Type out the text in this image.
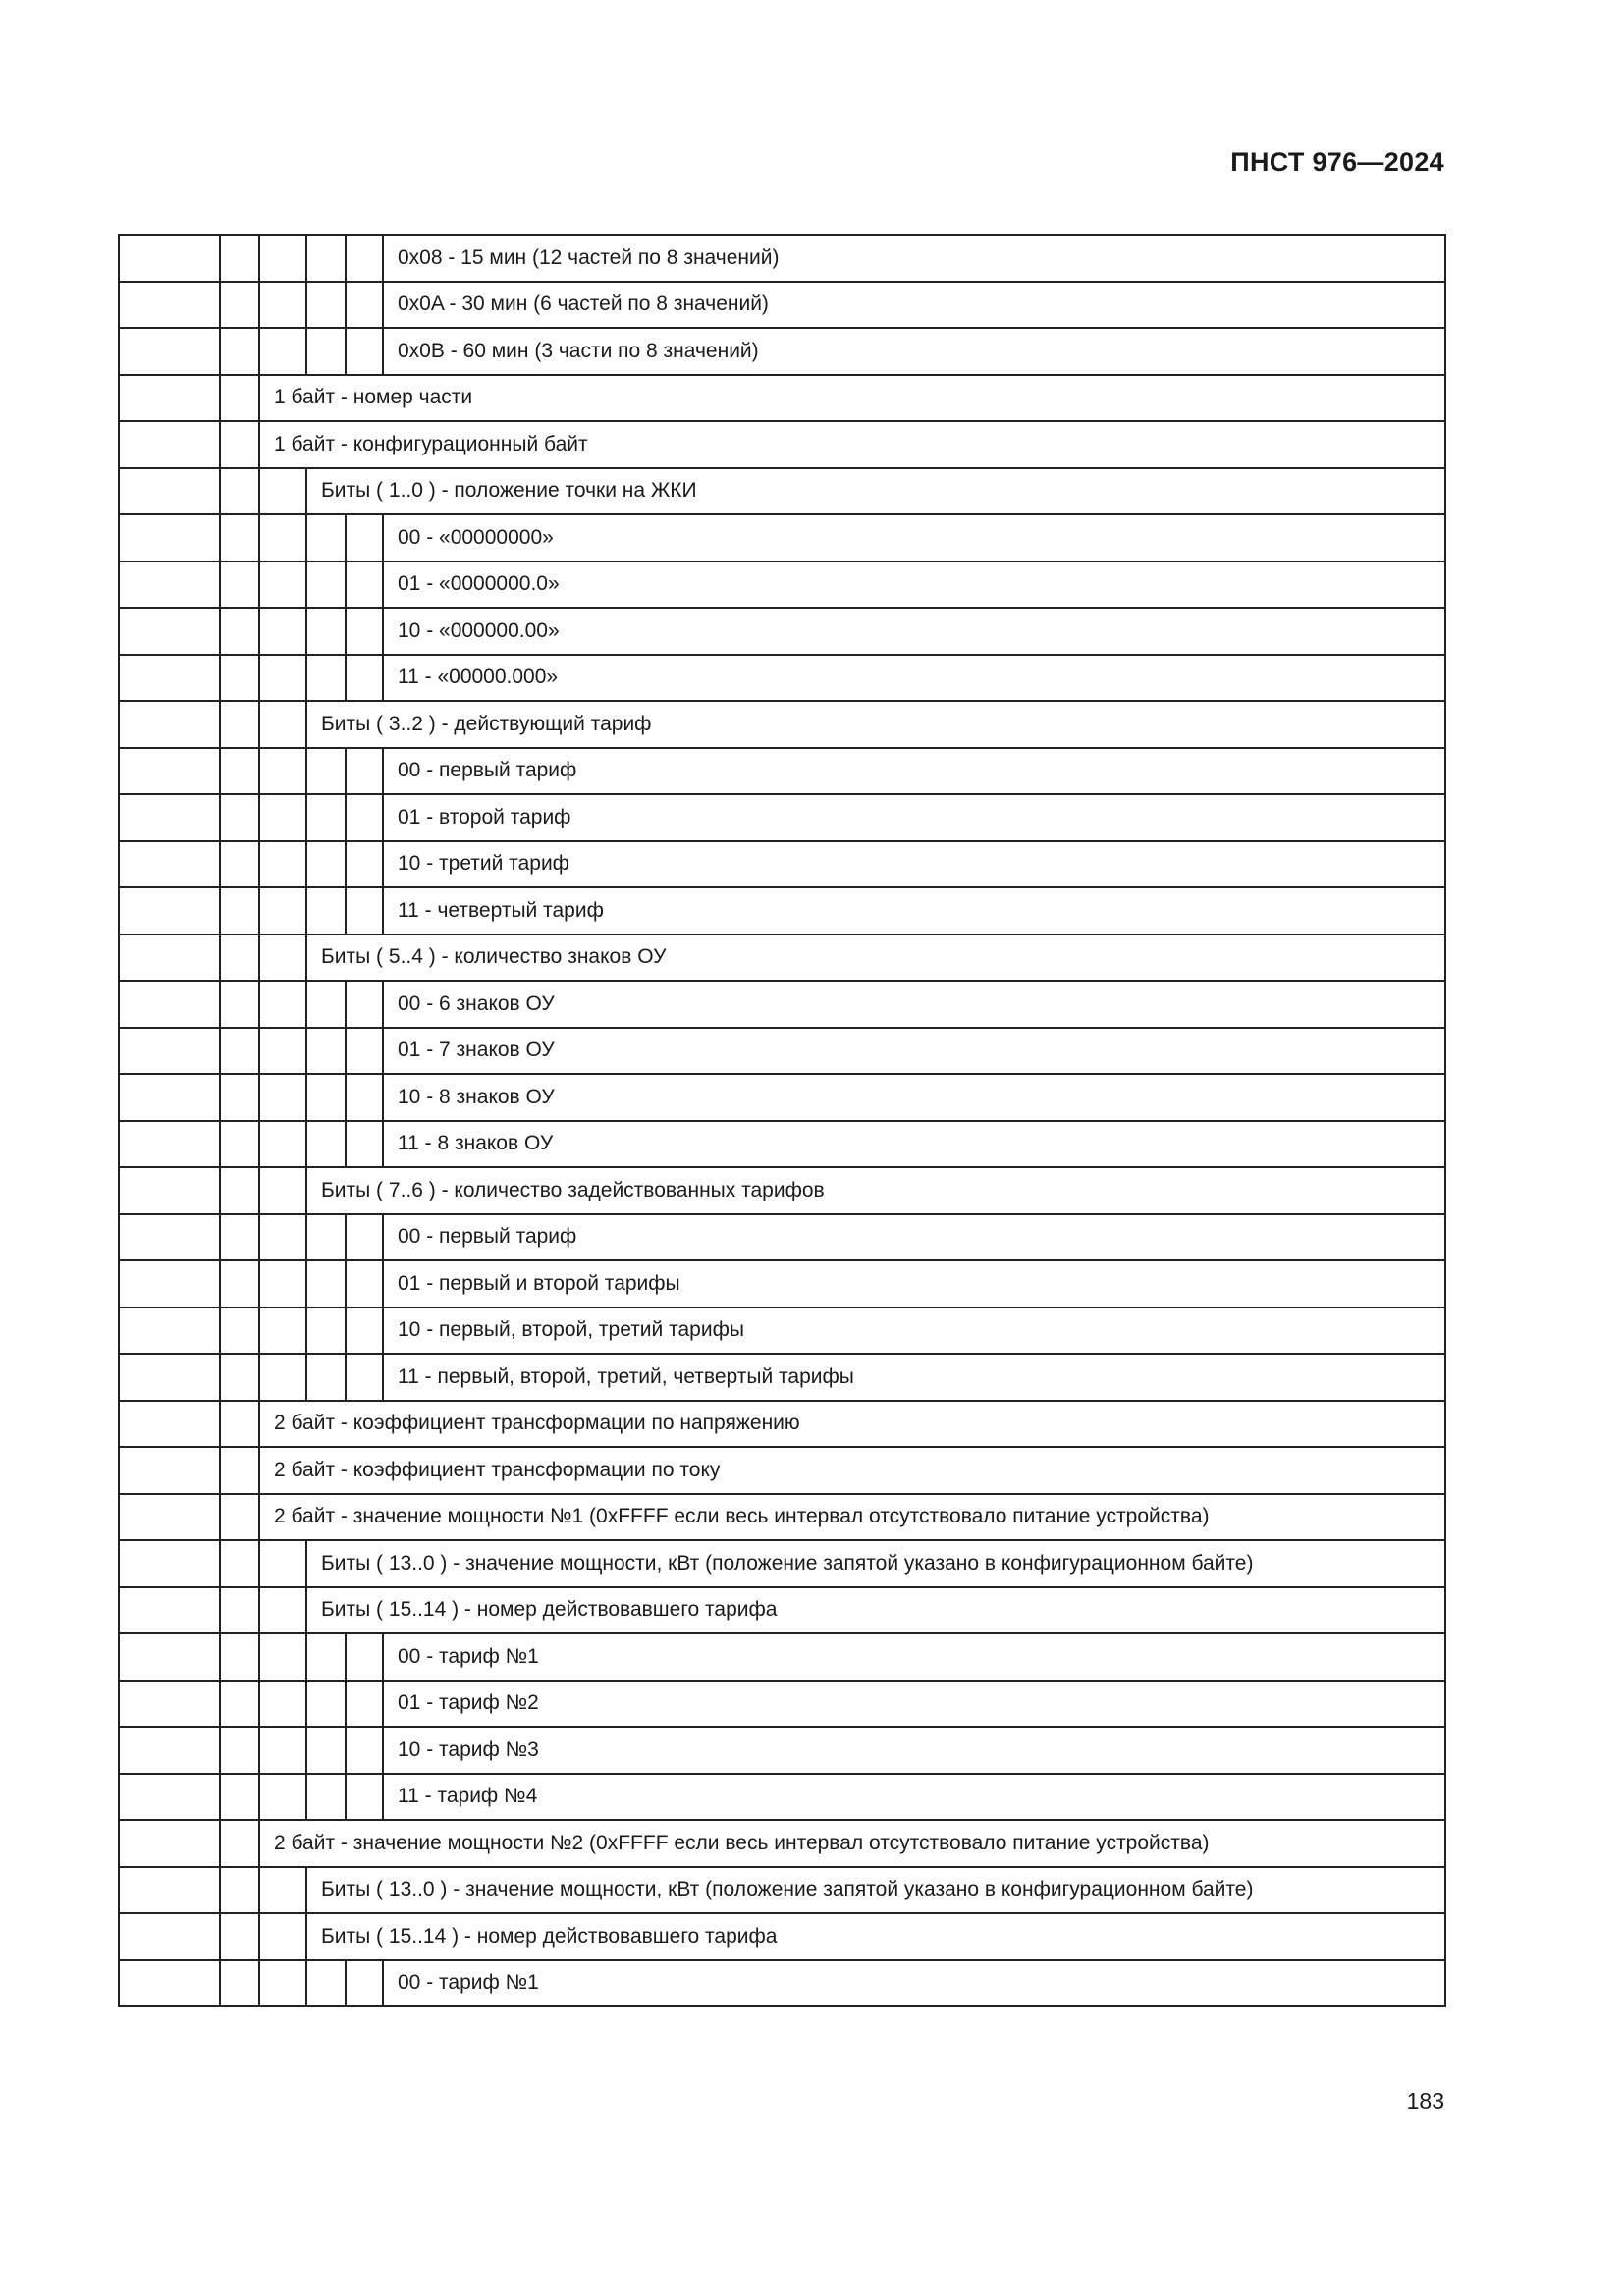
ПНСТ 976—2024
					0x08 - 15 мин (12 частей по 8 значений)
					0x0A - 30 мин (6 частей по 8 значений)
					0x0B - 60 мин (3 части по 8 значений)
		1 байт - номер части			
		1 байт - конфигурационный байт			
			Биты ( 1..0 ) - положение точки на ЖКИ		
					00 - «00000000»
					01 - «0000000.0»
					10 - «000000.00»
					11 - «00000.000»
			Биты ( 3..2 ) - действующий тариф		
					00 - первый тариф
					01 - второй тариф
					10 - третий тариф
					11 - четвертый тариф
			Биты ( 5..4 ) - количество знаков ОУ		
					00 - 6 знаков ОУ
					01 - 7 знаков ОУ
					10 - 8 знаков ОУ
					11 - 8 знаков ОУ
			Биты ( 7..6 ) - количество задействованных тарифов		
					00 - первый тариф
					01 - первый и второй тарифы
					10 - первый, второй, третий тарифы
					11 - первый, второй, третий, четвертый тарифы
		2 байт - коэффициент трансформации по напряжению			
		2 байт - коэффициент трансформации по току			
		2 байт - значение мощности №1 (0xFFFF если весь интервал отсутствовало питание устройства)			
			Биты ( 13..0 ) - значение мощности, кВт (положение запятой указано в конфигурационном байте)		
			Биты ( 15..14 ) - номер действовавшего тарифа		
					00 - тариф №1
					01 - тариф №2
					10 - тариф №3
					11 - тариф №4
		2 байт - значение мощности №2 (0xFFFF если весь интервал отсутствовало питание устройства)			
			Биты ( 13..0 ) - значение мощности, кВт (положение запятой указано в конфигурационном байте)		
			Биты ( 15..14 ) - номер действовавшего тарифа		
					00 - тариф №1
183
